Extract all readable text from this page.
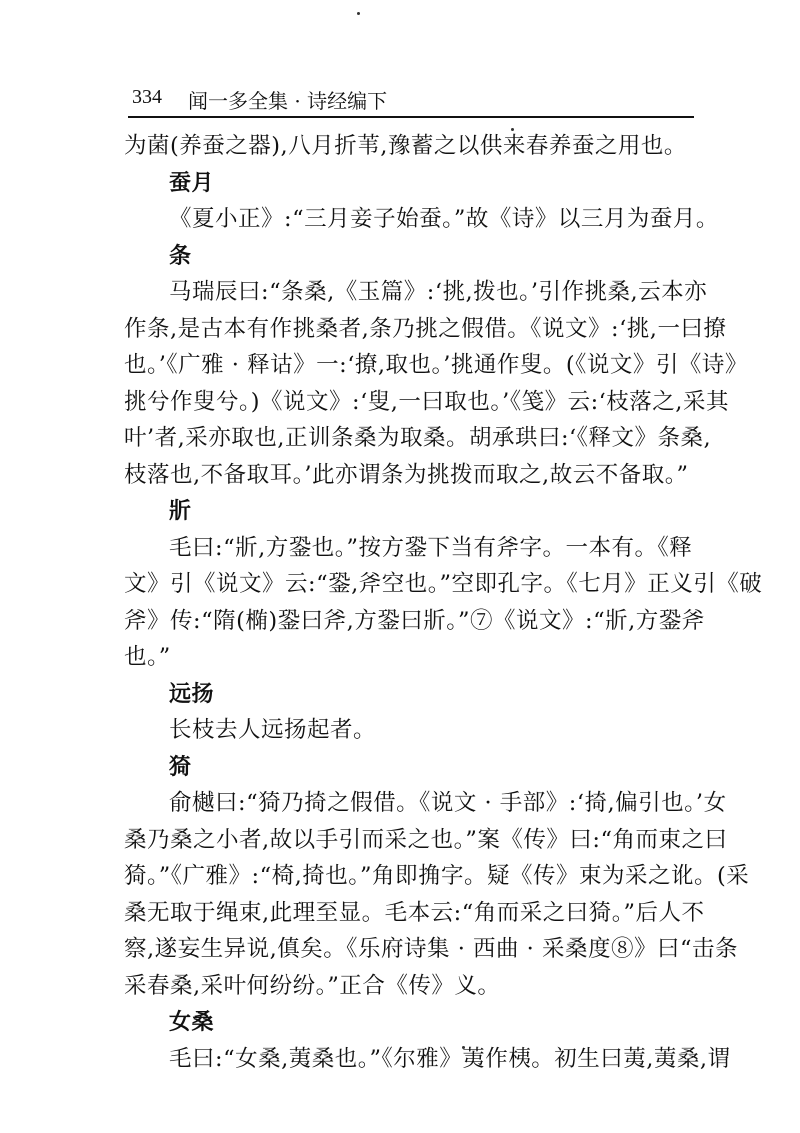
334 闻一多全集 · 诗经编下
为菌(养蚕之器),八月折苇,豫蓄之以供来春养蚕之用也。
蚕月
《夏小正》:“三月妾子始蚕。”故《诗》以三月为蚕月。
条
马瑞辰曰:“条桑,《玉篇》:‘挑,拨也。’引作挑桑,云本亦
作条,是古本有作挑桑者,条乃挑之假借。《说文》:‘挑,一曰撩
也。’《广雅 · 释诂》一:‘撩,取也。’挑通作叟。(《说文》引《诗》
挑兮作叟兮。)《说文》:‘叟,一曰取也。’《笺》云:‘枝落之,采其
叶’者,采亦取也,正训条桑为取桑。胡承珙曰:‘《释文》条桑,
枝落也,不备取耳。’此亦谓条为挑拨而取之,故云不备取。”
斨
毛曰:“斨,方銎也。”按方銎下当有斧字。一本有。《释
文》引《说文》云:“銎,斧空也。”空即孔字。《七月》正义引《破
斧》传:“隋(椭)銎曰斧,方銎曰斨。”⑦《说文》:“斨,方銎斧
也。”
远扬
长枝去人远扬起者。
猗
俞樾曰:“猗乃掎之假借。《说文 · 手部》:‘掎,偏引也。’女
桑乃桑之小者,故以手引而采之也。”案《传》曰:“角而束之曰
猗。”《广雅》:“椅,掎也。”角即捔字。疑《传》束为采之讹。(采
桑无取于绳束,此理至显。毛本云:“角而采之曰猗。”后人不
察,遂妄生异说,傎矣。《乐府诗集 · 西曲 · 采桑度⑧》曰“击条
采春桑,采叶何纷纷。”正合《传》义。
女桑
毛曰:“女桑,荑桑也。”《尔雅》荑作桋。初生曰荑,荑桑,谓
